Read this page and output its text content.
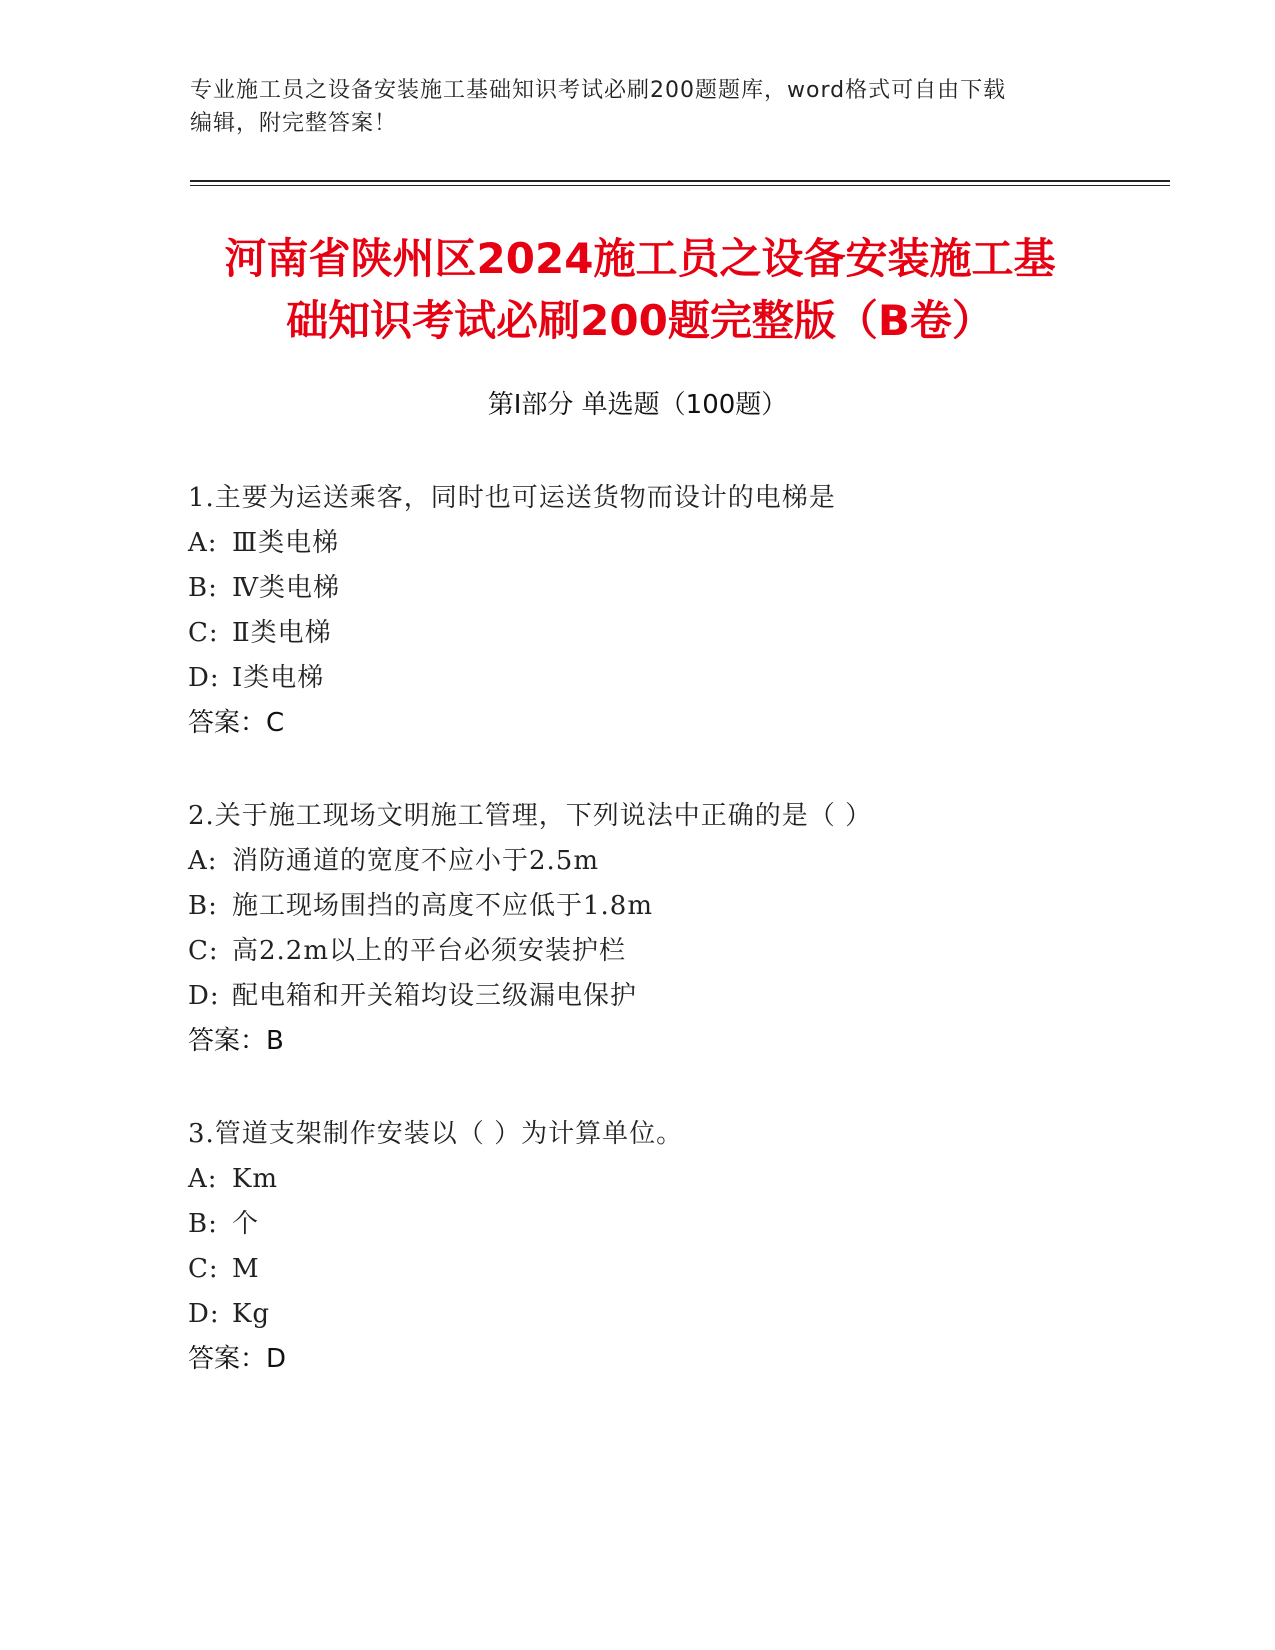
专业施工员之设备安装施工基础知识考试必刷200题题库，word格式可自由下载
编辑，附完整答案！
河南省陕州区2024施工员之设备安装施工基
础知识考试必刷200题完整版（B卷）
第Ⅰ部分 单选题（100题）
1.主要为运送乘客，同时也可运送货物而设计的电梯是
A: Ⅲ类电梯
B: Ⅳ类电梯
C: Ⅱ类电梯
D: Ⅰ类电梯
答案：C
2.关于施工现场文明施工管理，下列说法中正确的是（ ）
A: 消防通道的宽度不应小于2.5m
B: 施工现场围挡的高度不应低于1.8m
C: 高2.2m以上的平台必须安装护栏
D: 配电箱和开关箱均设三级漏电保护
答案：B
3.管道支架制作安装以（ ）为计算单位。
A: Km
B: 个
C: M
D: Kg
答案：D
